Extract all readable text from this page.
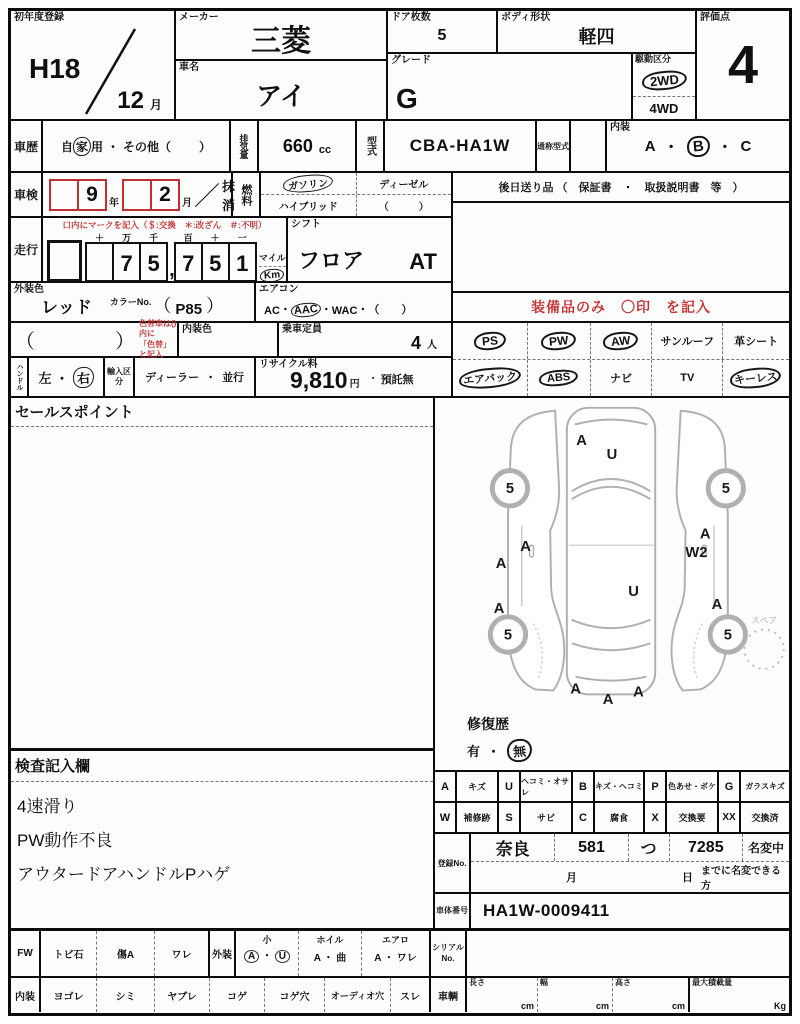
初年度登録
H18
12 月
メーカー
三菱
車名
アイ
ドア枚数
5
ボディ形状
軽四
グレード
G
駆動区分
2WD
4WD
評価点
4
車歴 自 家 用 ・ その他（ ）	排気量 660 cc	型式 CBA-HA1W	通称型式
内装
A ・ B ・ C
車検	9	年	2	月 ／ 抹消 燃料	ガソリン	ディーゼル
ハイブリッド	（　　　）
走行
口内にマークを記入（＄:交換　＊:改ざん　＃:不明）
＋	万
7
千
5 ,
百
7
＋
5
一
1 マイル
Km
シフト
フロア AT
外装色
レッド カラーNo. （ P85 ）
エアコン
AC ・ AAC ・ WAC ・ （　　）
（　　　　）
色替車は()内に
「色替」と記入
内装色	乗車定員
4 人
ハンドル 左 ・ 右	輸入区分	ディーラー ・ 並行
リサイクル料
9,810 円 ・ 預託無
後日送り品 （　保証書　・　取扱説明書　等　）
装備品のみ　〇印　を記入
PS	PW	AW	サンルーフ 革シート
エアバック	ABS	ナビ	TV	キーレス
セールスポイント
検査記入欄
4速滑り
PW動作不良
アウタードアハンドルPハゲ
スペア
A
U
5	5
A
A
A
W2
U
A	A
5	5
A
A A
修復歴
有 ・ 無
A	キズ	U	ヘコミ・オサレ	B	キズ・ヘコミ P	色あせ・ボケ G	ガラスキズ
W	補修跡	S	サビ	C	腐食	X	交換要	XX	交換済
登録No.
奈良	581	つ	7285	名変中
月	日
までに名変できる方
車体番号 HA1W-0009411
FW	トビ石	傷A	ワレ	外装
小
A ・ U
ホイル
A ・ 曲
エアロ
A ・ ワレ
シリアル
No.
内装	ヨゴレ	シミ	ヤブレ	コゲ	コゲ穴	オーディオ穴	スレ	車輌
長さ
cm
幅
cm
高さ
cm
最大積載量
Kg
